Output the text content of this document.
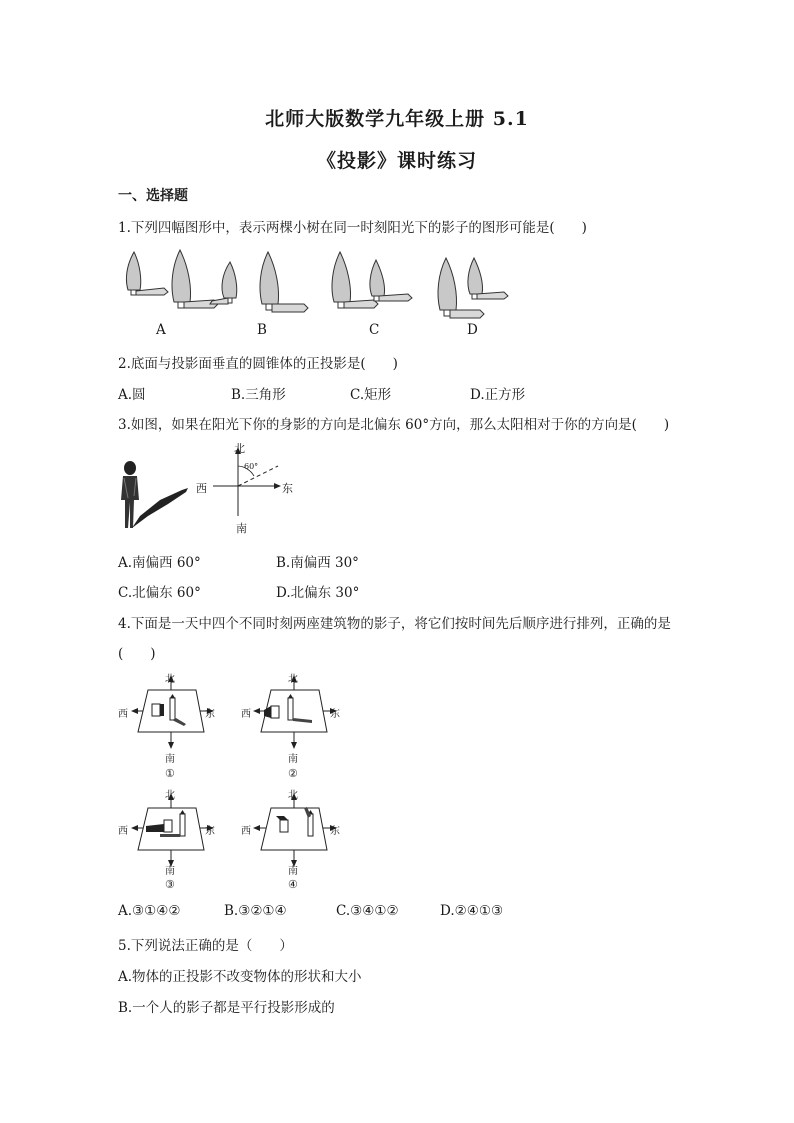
北师大版数学九年级上册 5.1
《投影》课时练习
一、选择题
1.下列四幅图形中，表示两棵小树在同一时刻阳光下的影子的图形可能是(　　)
A	B	C	D
2.底面与投影面垂直的圆锥体的正投影是(　　)
A.圆	B.三角形	C.矩形	D.正方形
3.如图，如果在阳光下你的身影的方向是北偏东 60°方向，那么太阳相对于你的方向是(　　)
北
南
东
西
60°
A.南偏西 60°	B.南偏西 30°
C.北偏东 60°	D.北偏东 30°
4.下面是一天中四个不同时刻两座建筑物的影子，将它们按时间先后顺序进行排列，正确的是
(　　)
北
南
西	东
①
北
南
西	东
②
北
南
西	东
③
北
南
西	东
④
A.③①④②	B.③②①④	C.③④①②	D.②④①③
5.下列说法正确的是（　　）
A.物体的正投影不改变物体的形状和大小
B.一个人的影子都是平行投影形成的
